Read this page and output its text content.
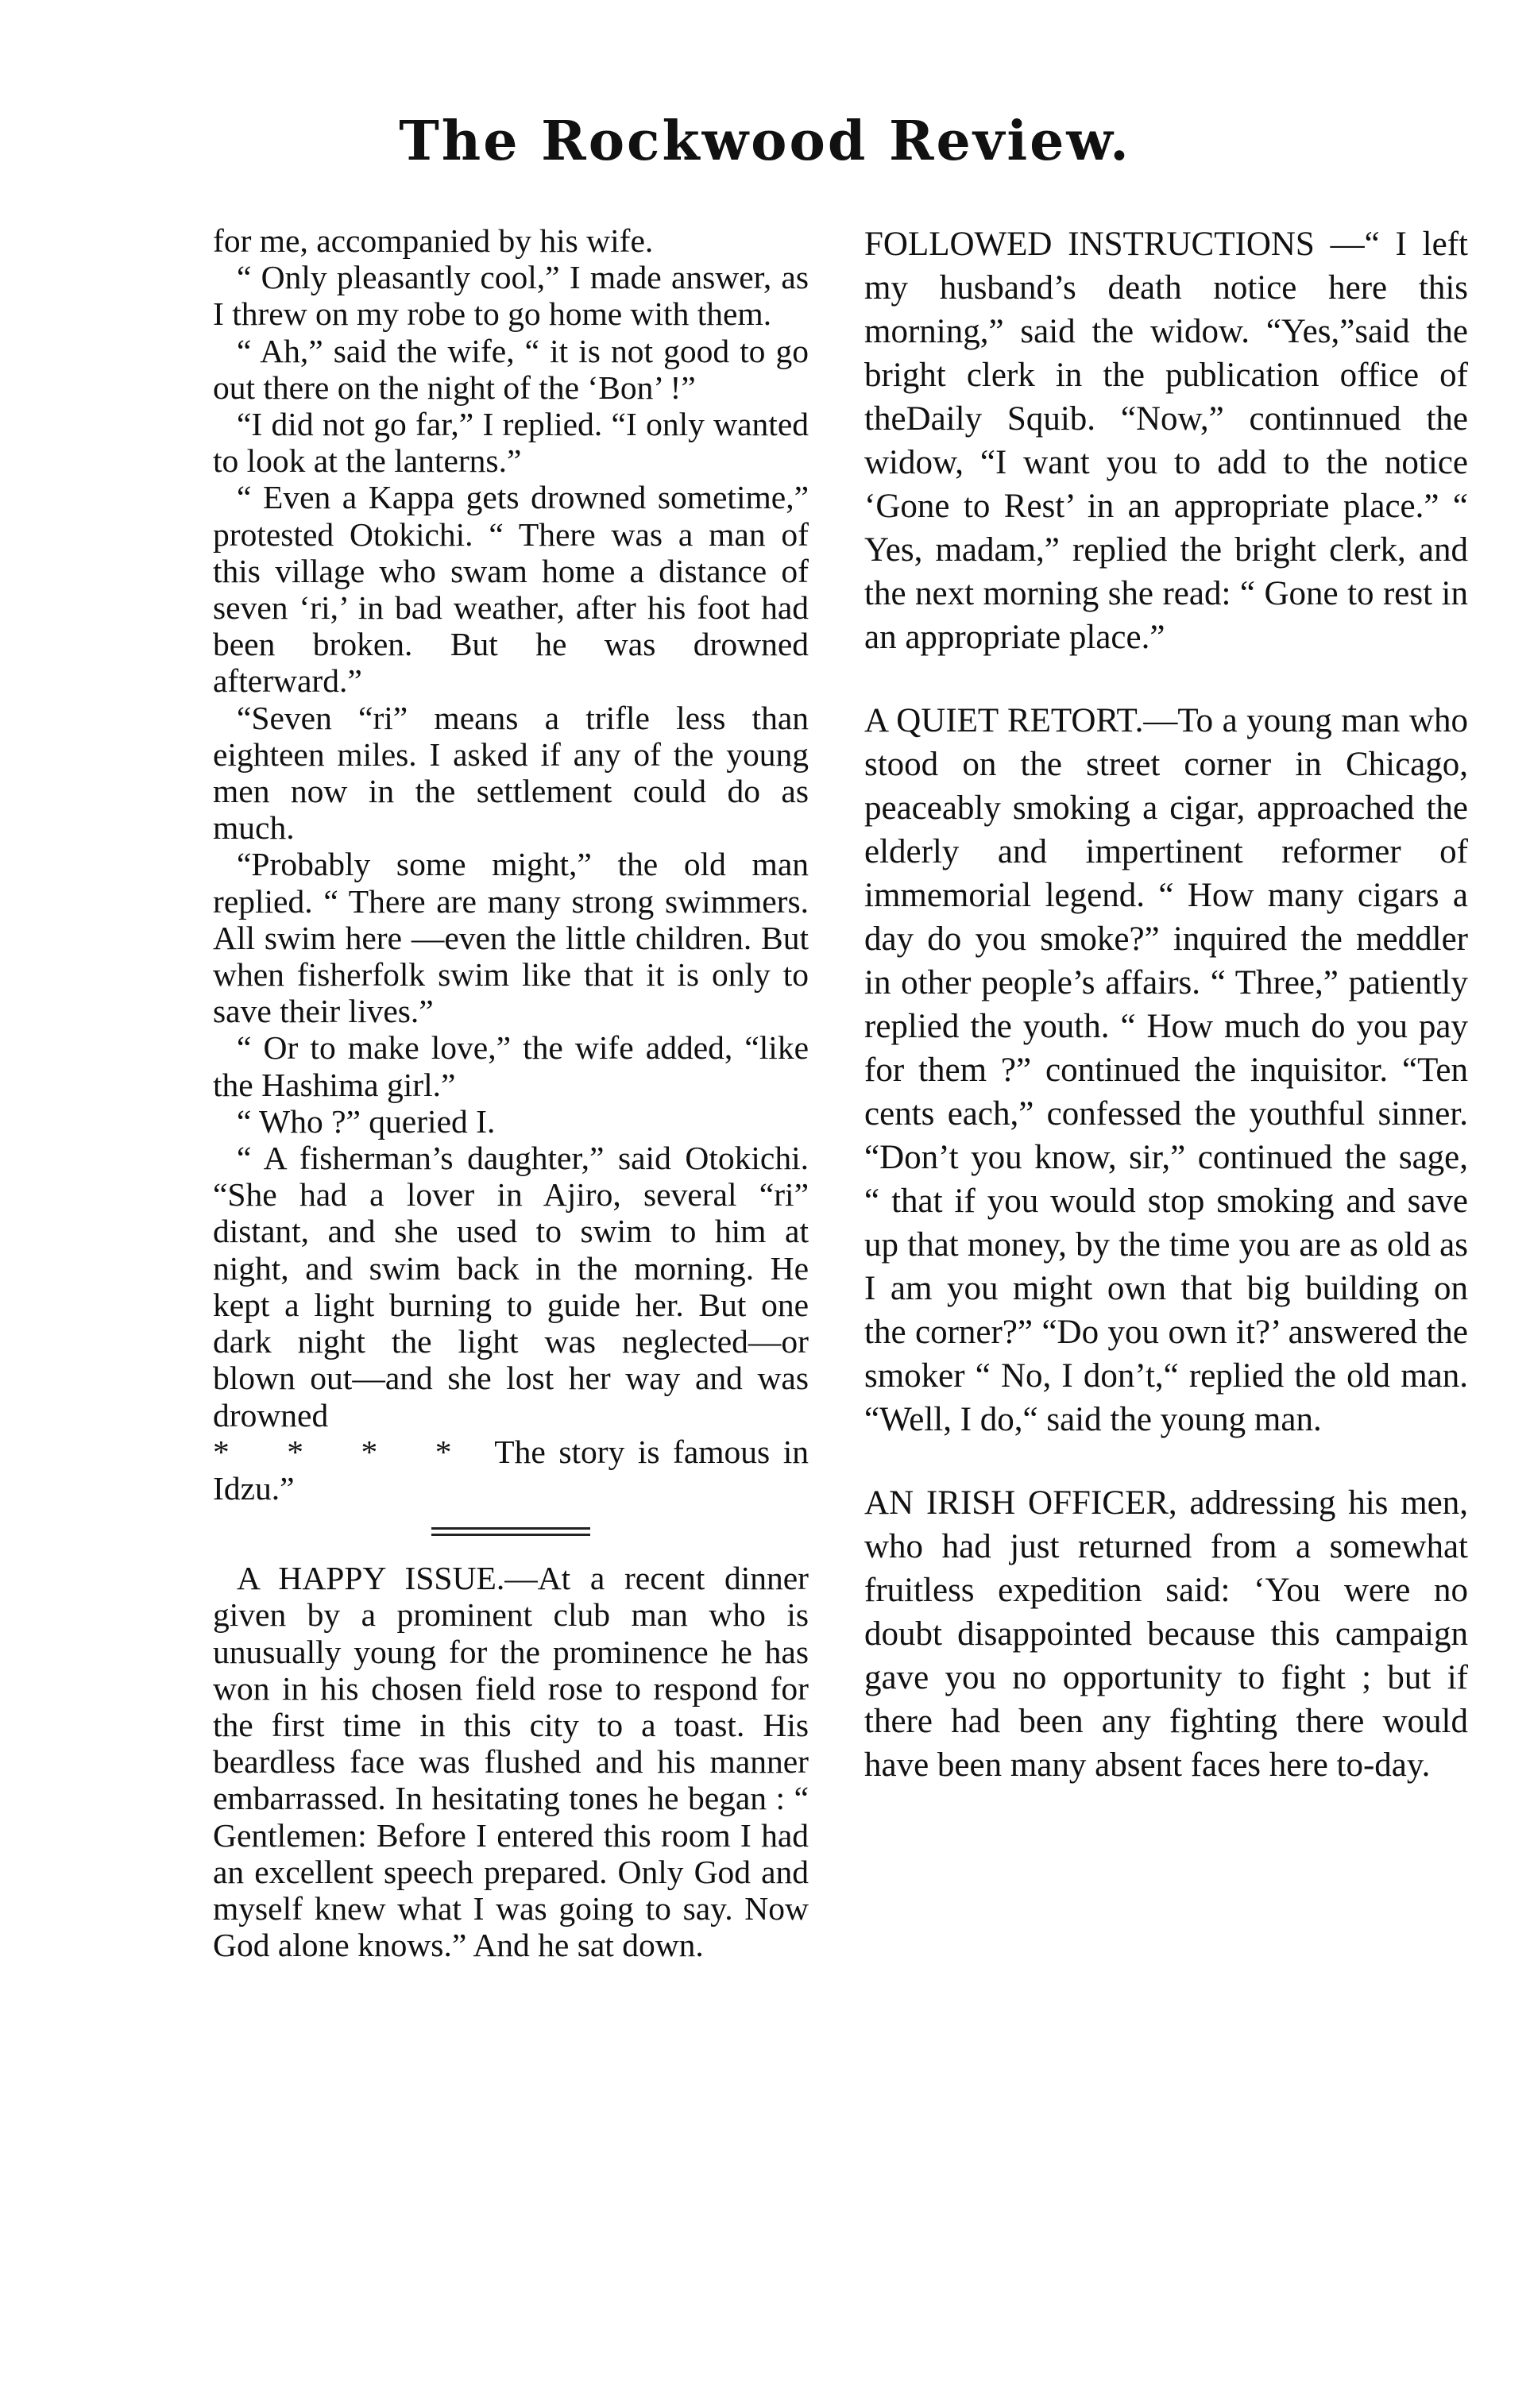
The Rockwood Review.

for me, accompanied by his wife.

“ Only pleasantly cool,” I made answer, as I threw on my robe to go home with them.

“ Ah,” said the wife, “ it is not good to go out there on the night of the ‘Bon’ !”

“I did not go far,” I replied. “I only wanted to look at the lanterns.”

“ Even a Kappa gets drowned sometime,” protested Otokichi. “ There was a man of this village who swam home a distance of seven ‘ri,’ in bad weather, after his foot had been broken. But he was drowned afterward.”

“Seven “ri” means a trifle less than eighteen miles. I asked if any of the young men now in the settlement could do as much.

“Probably some might,” the old man replied. “ There are many strong swimmers. All swim here —even the little children. But when fisherfolk swim like that it is only to save their lives.”

“ Or to make love,” the wife added, “like the Hashima girl.”

“ Who ?” queried I.

“ A fisherman’s daughter,” said Otokichi. “She had a lover in Ajiro, several “ri” distant, and she used to swim to him at night, and swim back in the morning. He kept a light burning to guide her. But one dark night the light was neglected—or blown out—and she lost her way and was drowned
* * * * The story is famous in Idzu.”

A HAPPY ISSUE.—At a recent dinner given by a prominent club man who is unusually young for the prominence he has won in his chosen field rose to respond for the first time in this city to a toast. His beardless face was flushed and his manner embarrassed. In hesitating tones he began : “ Gentlemen: Before I entered this room I had an excellent speech prepared. Only God and myself knew what I was going to say. Now God alone knows.” And he sat down.

FOLLOWED INSTRUCTIONS —“ I left my husband’s death notice here this morning,” said the widow. “Yes,”said the bright clerk in the publication office of theDaily Squib. “Now,” continnued the widow, “I want you to add to the notice ‘Gone to Rest’ in an appropriate place.” “ Yes, madam,” replied the bright clerk, and the next morning she read: “ Gone to rest in an appropriate place.”

A QUIET RETORT.—To a young man who stood on the street corner in Chicago, peaceably smoking a cigar, approached the elderly and impertinent reformer of immemorial legend. “ How many cigars a day do you smoke?” inquired the meddler in other people’s affairs. “ Three,” patiently replied the youth. “ How much do you pay for them ?” continued the inquisitor. “Ten cents each,” confessed the youthful sinner. “Don’t you know, sir,” continued the sage, “ that if you would stop smoking and save up that money, by the time you are as old as I am you might own that big building on the corner?” “Do you own it?’ answered the smoker “ No, I don’t,“ replied the old man. “Well, I do,“ said the young man.

AN IRISH OFFICER, addressing his men, who had just returned from a somewhat fruitless expedition said: ‘You were no doubt disappointed because this campaign gave you no opportunity to fight ; but if there had been any fighting there would have been many absent faces here to-day.
